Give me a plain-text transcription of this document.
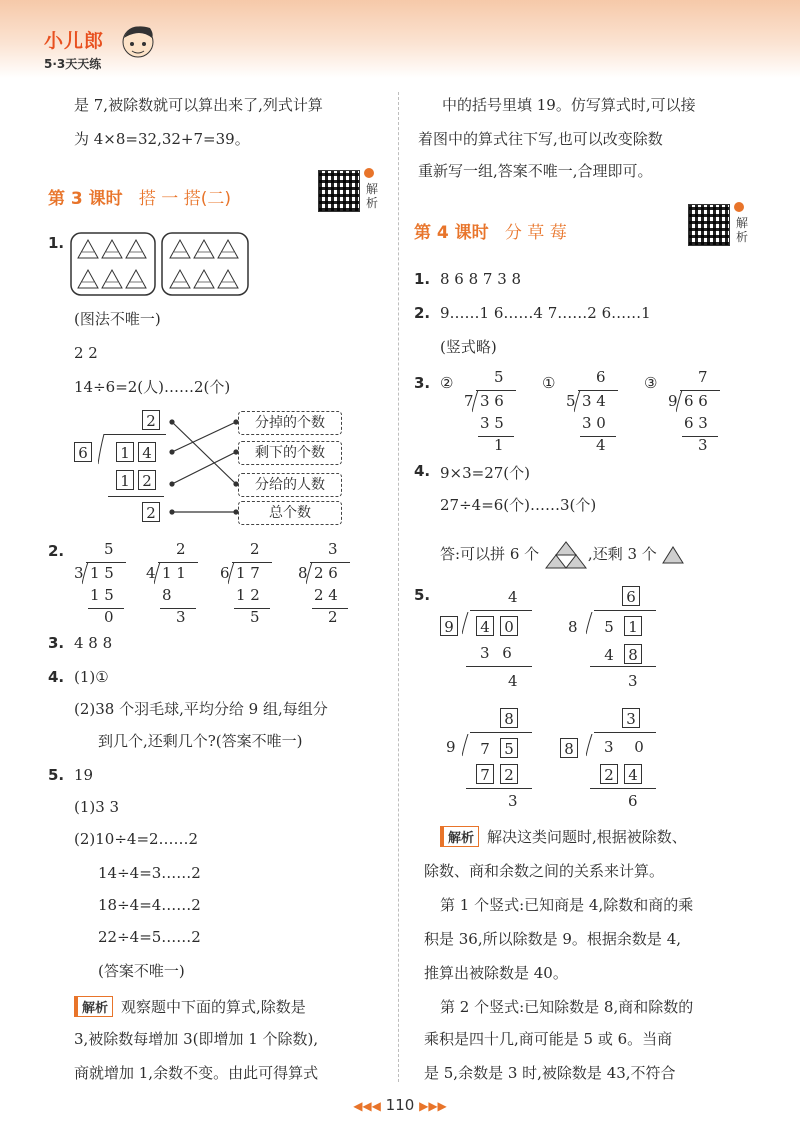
小儿郎
5·3天天练
是 7,被除数就可以算出来了,列式计算
为 4×8=32,32+7=39。
第 3 课时 搭 一 搭(二)	解
析
1.
(图法不唯一)
2 2
14÷6=2(人)……2(个)
2
6 1 4
1 2
2
分掉的个数
剩下的个数
分给的人数
总个数
2.
3. 4 8 8
4. (1)①
(2)38 个羽毛球,平均分给 9 组,每组分
到几个,还剩几个?(答案不唯一)
5. 19
(1)3 3
(2)10÷4=2……2
14÷4=3……2
18÷4=4……2
22÷4=5……2
(答案不唯一)
解析 观察题中下面的算式,除数是
3,被除数每增加 3(即增加 1 个除数),
商就增加 1,余数不变。由此可得算式
中的括号里填 19。仿写算式时,可以接
着图中的算式往下写,也可以改变除数
重新写一组,答案不唯一,合理即可。
第 4 课时 分 草 莓	解
析
1. 8 6 8 7 3 8
2. 9……1 6……4 7……2 6……1
(竖式略)
3.
4. 9×3=27(个)
27÷4=6(个)……3(个)
答:可以拼 6 个	,还剩 3 个
5.
解析 解决这类问题时,根据被除数、
除数、商和余数之间的关系来计算。
第 1 个竖式:已知商是 4,除数和商的乘
积是 36,所以除数是 9。根据余数是 4,
推算出被除数是 40。
第 2 个竖式:已知除数是 8,商和除数的
乘积是四十几,商可能是 5 或 6。当商
是 5,余数是 3 时,被除数是 43,不符合
◀◀◀ 110 ▶▶▶
5
3 1 5
1 5
0
2
4 1 1
8
3
2
6 1 7
1 2
5
3
8 2 6
2 4
2
②	5
7 3 6
3 5
1
①	6
5 3 4
3 0
4
③	7
9 6 6
6 3
3
4
9 4 0
3 6
4
6
8 5 1
4 8
3
8
9 7 5
7 2
3
3
8 3 0
2 4
6
